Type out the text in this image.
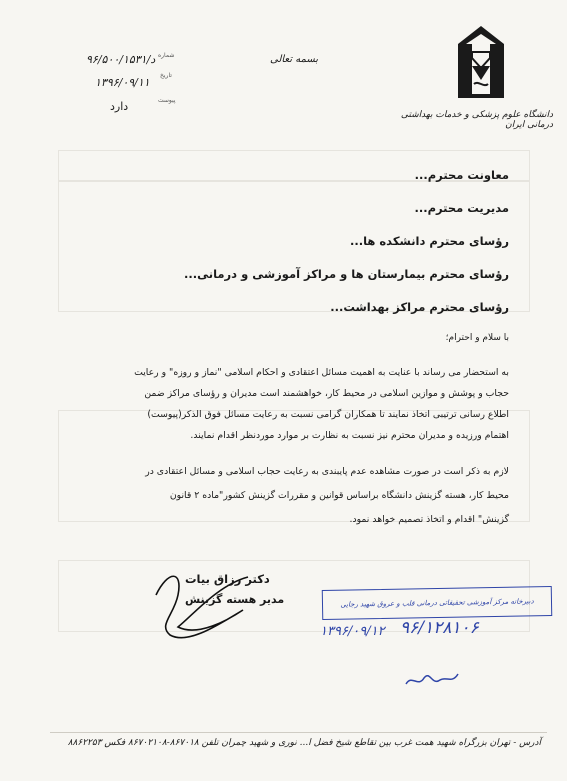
دانشگاه علوم پزشکی و خدمات بهداشتی درمانی ایران
بسمه تعالی
شماره
۹۶/د/۵۰۰/۱۵۳۱
تاریخ
۱۳۹۶/۰۹/۱۱
پیوست
دارد
معاونت محترم...
مدیریت محترم...
رؤسای محترم دانشکده ها...
رؤسای محترم بیمارستان ها و مراکز آموزشی و درمانی...
رؤسای محترم مراکز بهداشت...
با سلام و احترام؛
به استحضار می رساند با عنایت به اهمیت مسائل اعتقادی و احکام اسلامی "نماز و روزه" و رعایت
حجاب و پوشش و موازین اسلامی در محیط کار، خواهشمند است مدیران و رؤسای مراکز ضمن
اطلاع رسانی ترتیبی اتخاذ نمایند تا همکاران گرامی نسبت به رعایت مسائل فوق الذکر(پیوست)
اهتمام ورزیده و مدیران محترم نیز نسبت به نظارت بر موارد موردنظر اقدام نمایند.
لازم به ذکر است در صورت مشاهده عدم پایبندی به رعایت حجاب اسلامی و مسائل اعتقادی در
محیط کار، هسته گزینش دانشگاه براساس قوانین و مقررات گزینش کشور"ماده ۲ قانون
گزینش" اقدام و اتخاذ تصمیم خواهد نمود.
دکتر رزاق بیات
مدیر هسته گزینش	دبیرخانه مرکز آموزشی تحقیقاتی درمانی قلب و عروق شهید رجایی
۱۳۹۶/۰۹/۱۲ ۹۶/۱۲۸۱۰۶
آدرس - تهران بزرگراه شهید همت غرب بین تقاطع شیخ فضل ا... نوری و شهید چمران تلفن ۸۶۷۰۱۸-۸۶۷۰۲۱۰۸ فکس ۸۸۶۲۲۵۳
